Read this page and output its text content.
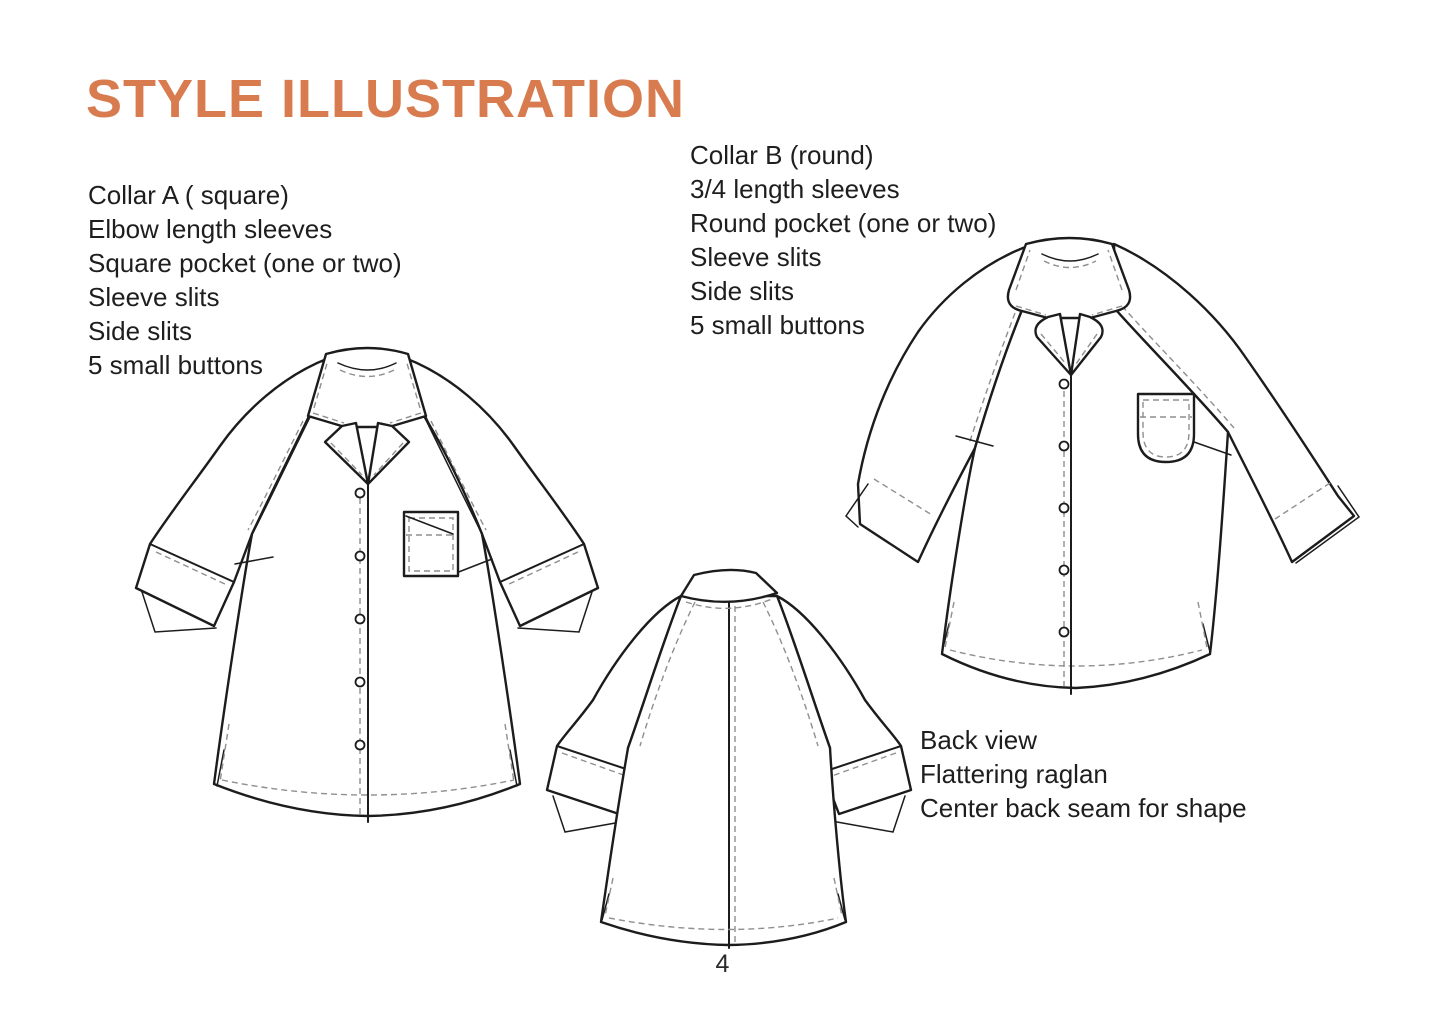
STYLE ILLUSTRATION
Collar A ( square)
Elbow length sleeves
Square pocket (one or two)
Sleeve slits
Side slits
5 small buttons
Collar B (round)
3/4 length sleeves
Round pocket (one or two)
Sleeve slits
Side slits
5 small buttons
Back view
Flattering raglan
Center back seam for shape
4
